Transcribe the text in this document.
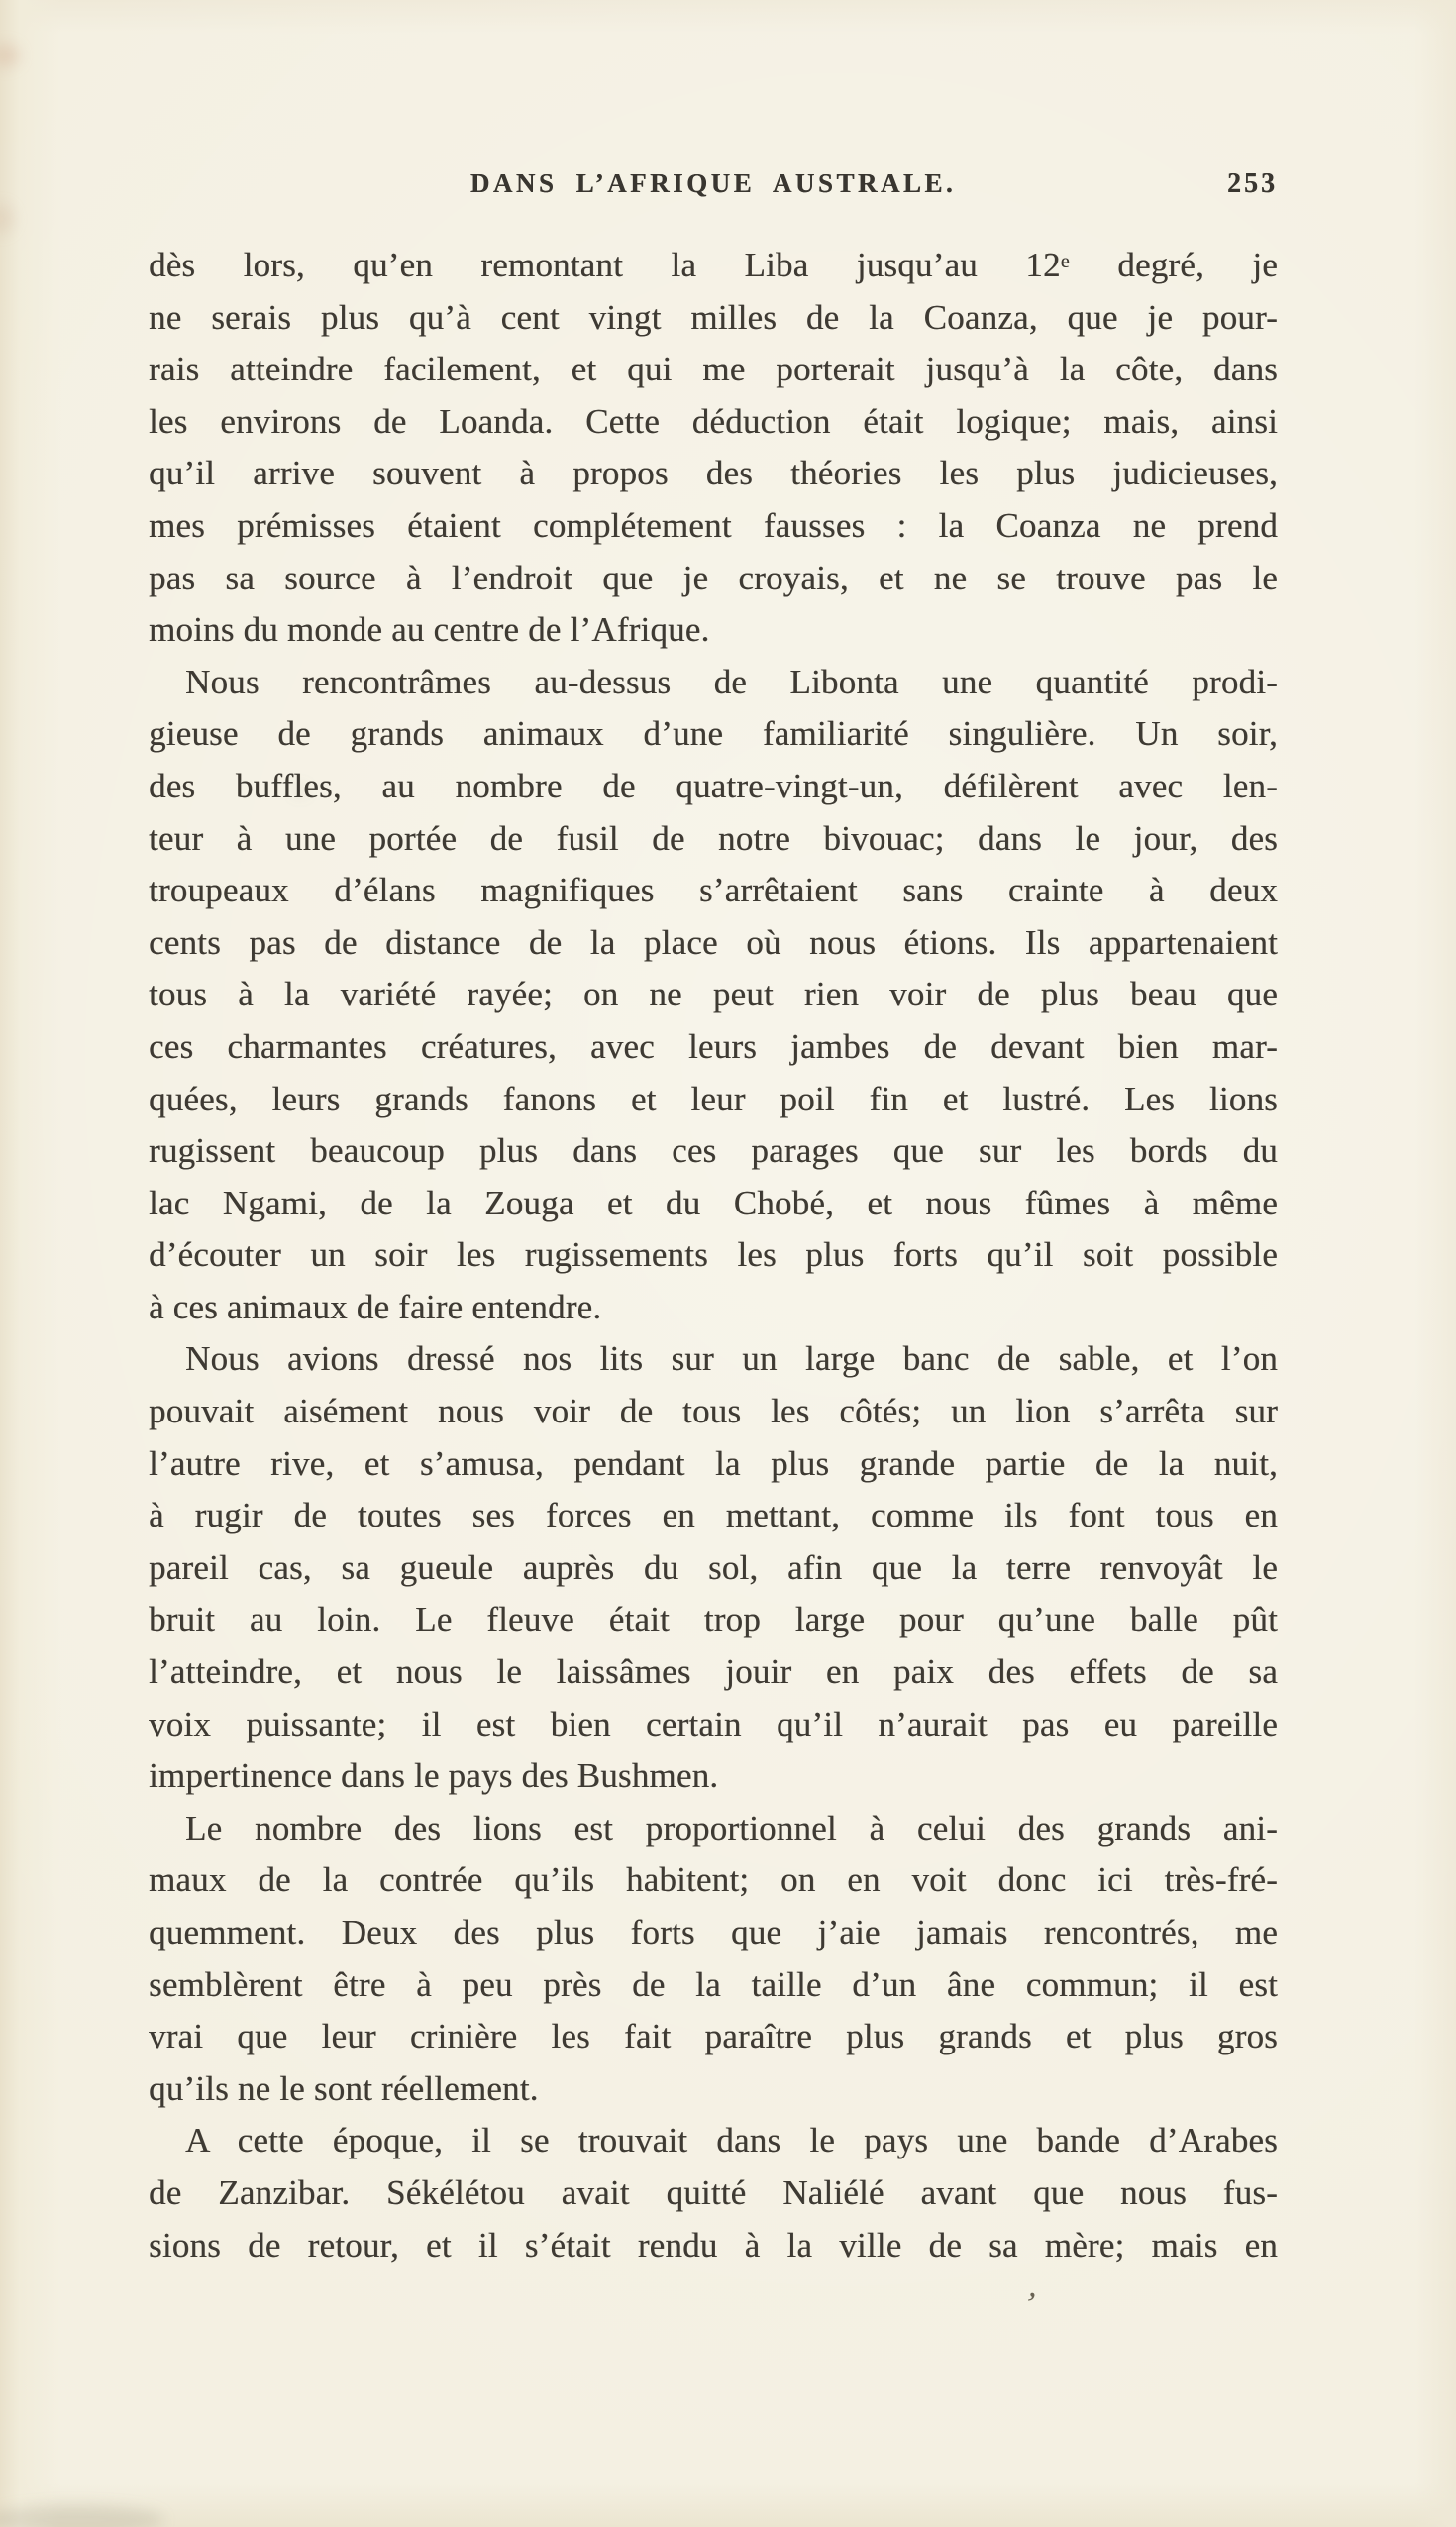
DANS L’AFRIQUE AUSTRALE.	253
dès lors, qu’en remontant la Liba jusqu’au 12e degré, je
ne serais plus qu’à cent vingt milles de la Coanza, que je pour-
rais atteindre facilement, et qui me porterait jusqu’à la côte, dans
les environs de Loanda. Cette déduction était logique; mais, ainsi
qu’il arrive souvent à propos des théories les plus judicieuses,
mes prémisses étaient complétement fausses : la Coanza ne prend
pas sa source à l’endroit que je croyais, et ne se trouve pas le
moins du monde au centre de l’Afrique.
Nous rencontrâmes au-dessus de Libonta une quantité prodi-
gieuse de grands animaux d’une familiarité singulière. Un soir,
des buffles, au nombre de quatre-vingt-un, défilèrent avec len-
teur à une portée de fusil de notre bivouac; dans le jour, des
troupeaux d’élans magnifiques s’arrêtaient sans crainte à deux
cents pas de distance de la place où nous étions. Ils appartenaient
tous à la variété rayée; on ne peut rien voir de plus beau que
ces charmantes créatures, avec leurs jambes de devant bien mar-
quées, leurs grands fanons et leur poil fin et lustré. Les lions
rugissent beaucoup plus dans ces parages que sur les bords du
lac Ngami, de la Zouga et du Chobé, et nous fûmes à même
d’écouter un soir les rugissements les plus forts qu’il soit possible
à ces animaux de faire entendre.
Nous avions dressé nos lits sur un large banc de sable, et l’on
pouvait aisément nous voir de tous les côtés; un lion s’arrêta sur
l’autre rive, et s’amusa, pendant la plus grande partie de la nuit,
à rugir de toutes ses forces en mettant, comme ils font tous en
pareil cas, sa gueule auprès du sol, afin que la terre renvoyât le
bruit au loin. Le fleuve était trop large pour qu’une balle pût
l’atteindre, et nous le laissâmes jouir en paix des effets de sa
voix puissante; il est bien certain qu’il n’aurait pas eu pareille
impertinence dans le pays des Bushmen.
Le nombre des lions est proportionnel à celui des grands ani-
maux de la contrée qu’ils habitent; on en voit donc ici très-fré-
quemment. Deux des plus forts que j’aie jamais rencontrés, me
semblèrent être à peu près de la taille d’un âne commun; il est
vrai que leur crinière les fait paraître plus grands et plus gros
qu’ils ne le sont réellement.
A cette époque, il se trouvait dans le pays une bande d’Arabes
de Zanzibar. Sékélétou avait quitté Naliélé avant que nous fus-
sions de retour, et il s’était rendu à la ville de sa mère; mais en
’
